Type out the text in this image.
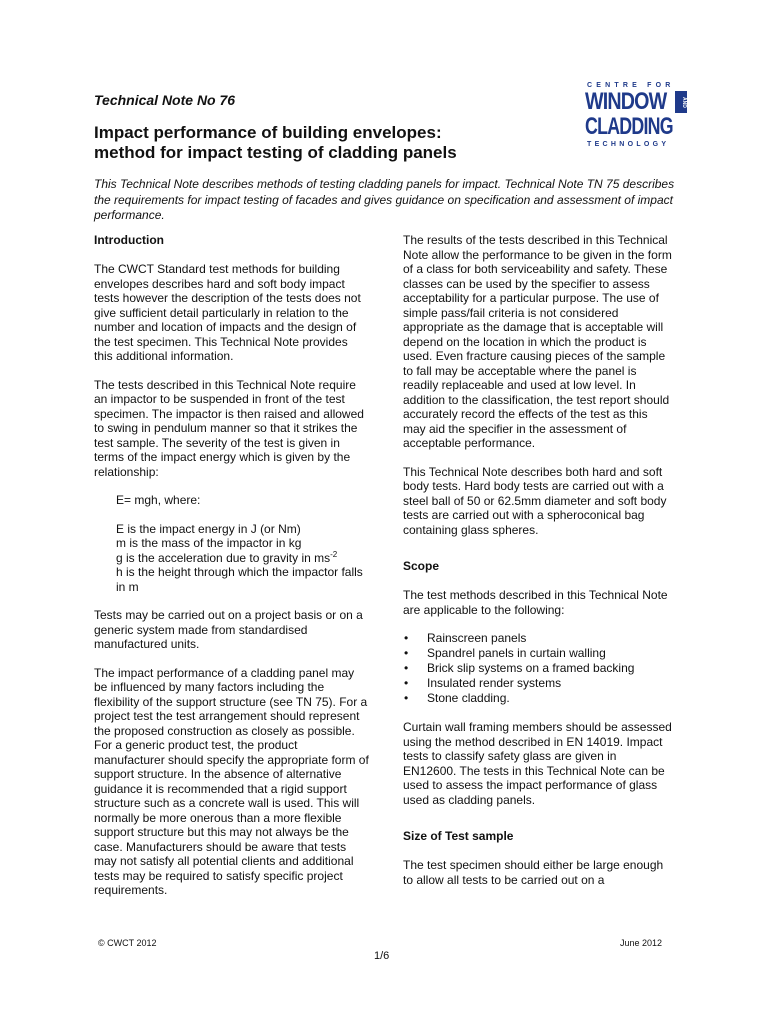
Technical Note No 76

Impact performance of building envelopes:
method for impact testing of cladding panels
CENTRE FOR
WINDOW	AND
CLADDING
TECHNOLOGY

This Technical Note describes methods of testing cladding panels for impact. Technical Note TN 75 describes the requirements for impact testing of facades and gives guidance on specification and assessment of impact performance.

Introduction

The CWCT Standard test methods for building envelopes describes hard and soft body impact tests however the description of the tests does not give sufficient detail particularly in relation to the number and location of impacts and the design of the test specimen. This Technical Note provides this additional information.

The tests described in this Technical Note require an impactor to be suspended in front of the test specimen. The impactor is then raised and allowed to swing in pendulum manner so that it strikes the test sample. The severity of the test is given in terms of the impact energy which is given by the relationship:

E= mgh, where:

E is the impact energy in J (or Nm)
m is the mass of the impactor in kg
g is the acceleration due to gravity in $ms^{-2}$
h is the height through which the impactor falls in m

Tests may be carried out on a project basis or on a generic system made from standardised manufactured units.

The impact performance of a cladding panel may be influenced by many factors including the flexibility of the support structure (see TN 75). For a project test the test arrangement should represent the proposed construction as closely as possible. For a generic product test, the product manufacturer should specify the appropriate form of support structure. In the absence of alternative guidance it is recommended that a rigid support structure such as a concrete wall is used. This will normally be more onerous than a more flexible support structure but this may not always be the case. Manufacturers should be aware that tests may not satisfy all potential clients and additional tests may be required to satisfy specific project requirements.

The results of the tests described in this Technical Note allow the performance to be given in the form of a class for both serviceability and safety. These classes can be used by the specifier to assess acceptability for a particular purpose. The use of simple pass/fail criteria is not considered appropriate as the damage that is acceptable will depend on the location in which the product is used. Even fracture causing pieces of the sample to fall may be acceptable where the panel is readily replaceable and used at low level. In addition to the classification, the test report should accurately record the effects of the test as this may aid the specifier in the assessment of acceptable performance.

This Technical Note describes both hard and soft body tests. Hard body tests are carried out with a steel ball of 50 or 62.5mm diameter and soft body tests are carried out with a spheroconical bag containing glass spheres.

Scope

The test methods described in this Technical Note are applicable to the following:

• Rainscreen panels
• Spandrel panels in curtain walling
• Brick slip systems on a framed backing
• Insulated render systems
• Stone cladding.

Curtain wall framing members should be assessed using the method described in EN 14019. Impact tests to classify safety glass are given in EN12600. The tests in this Technical Note can be used to assess the impact performance of glass used as cladding panels.

Size of Test sample

The test specimen should either be large enough to allow all tests to be carried out on a

© CWCT 2012	June 2012

1/6
